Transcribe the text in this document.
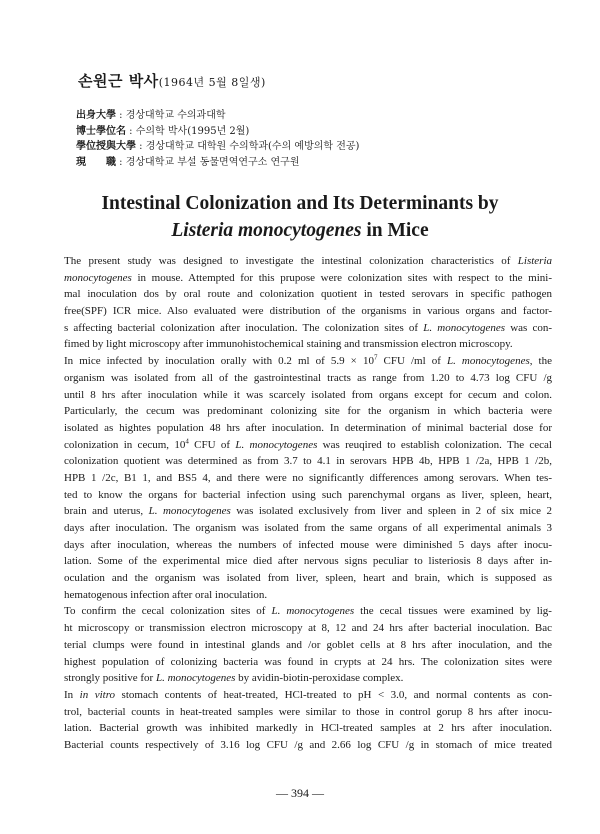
손원근 박사(1964년 5월 8일생)
出身大學 : 경상대학교 수의과대학
博士學位名 : 수의학 박사(1995년 2월)
學位授與大學 : 경상대학교 대학원 수의학과(수의 예방의학 전공)
現　　職 : 경상대학교 부설 동물면역연구소 연구원
Intestinal Colonization and Its Determinants by
Listeria monocytogenes in Mice
The present study was designed to investigate the intestinal colonization characteristics of Listeria
monocytogenes in mouse. Attempted for this prupose were colonization sites with respect to the mini-
mal inoculation dos by oral route and colonization quotient in tested serovars in specific pathogen
free(SPF) ICR mice. Also evaluated were distribution of the organisms in various organs and factor-
s affecting bacterial colonization after inoculation. The colonization sites of L. monocytogenes was con-
fimed by light microscopy after immunohistochemical staining and transmission electron microscopy.
In mice infected by inoculation orally with 0.2 ml of $5.9 \times 10^7$ CFU /ml of L. monocytogenes, the
organism was isolated from all of the gastrointestinal tracts as range from 1.20 to 4.73 log CFU /g
until 8 hrs after inoculation while it was scarcely isolated from organs except for cecum and colon.
Particularly, the cecum was predominant colonizing site for the organism in which bacteria were
isolated as hightes population 48 hrs after inoculation. In determination of minimal bacterial dose for
colonization in cecum, $10^4$ CFU of L. monocytogenes was reuqired to establish colonization. The cecal
colonization quotient was determined as from 3.7 to 4.1 in serovars HPB 4b, HPB 1 /2a, HPB 1 /2b,
HPB 1 /2c, B1 1, and BS5 4, and there were no significantly differences among serovars. When tes-
ted to know the organs for bacterial infection using such parenchymal organs as liver, spleen, heart,
brain and uterus, L. monocytogenes was isolated exclusively from liver and spleen in 2 of six mice 2
days after inoculation. The organism was isolated from the same organs of all experimental animals 3
days after inoculation, whereas the numbers of infected mouse were diminished 5 days after inocu-
lation. Some of the experimental mice died after nervous signs peculiar to listeriosis 8 days after in-
oculation and the organism was isolated from liver, spleen, heart and brain, which is supposed as
hematogenous infection after oral inoculation.
To confirm the cecal colonization sites of L. monocytogenes the cecal tissues were examined by lig-
ht microscopy or transmission electron microscopy at 8, 12 and 24 hrs after bacterial inoculation. Bac
terial clumps were found in intestinal glands and /or goblet cells at 8 hrs after inoculation, and the
highest population of colonizing bacteria was found in crypts at 24 hrs. The colonization sites were
strongly positive for L. monocytogenes by avidin-biotin-peroxidase complex.
In in vitro stomach contents of heat-treated, HCl-treated to pH < 3.0, and normal contents as con-
trol, bacterial counts in heat-treated samples were similar to those in control gorup 8 hrs after inocu-
lation. Bacterial growth was inhibited markedly in HCl-treated samples at 2 hrs after inoculation.
Bacterial counts respectively of 3.16 log CFU /g and 2.66 log CFU /g in stomach of mice treated
— 394 —
